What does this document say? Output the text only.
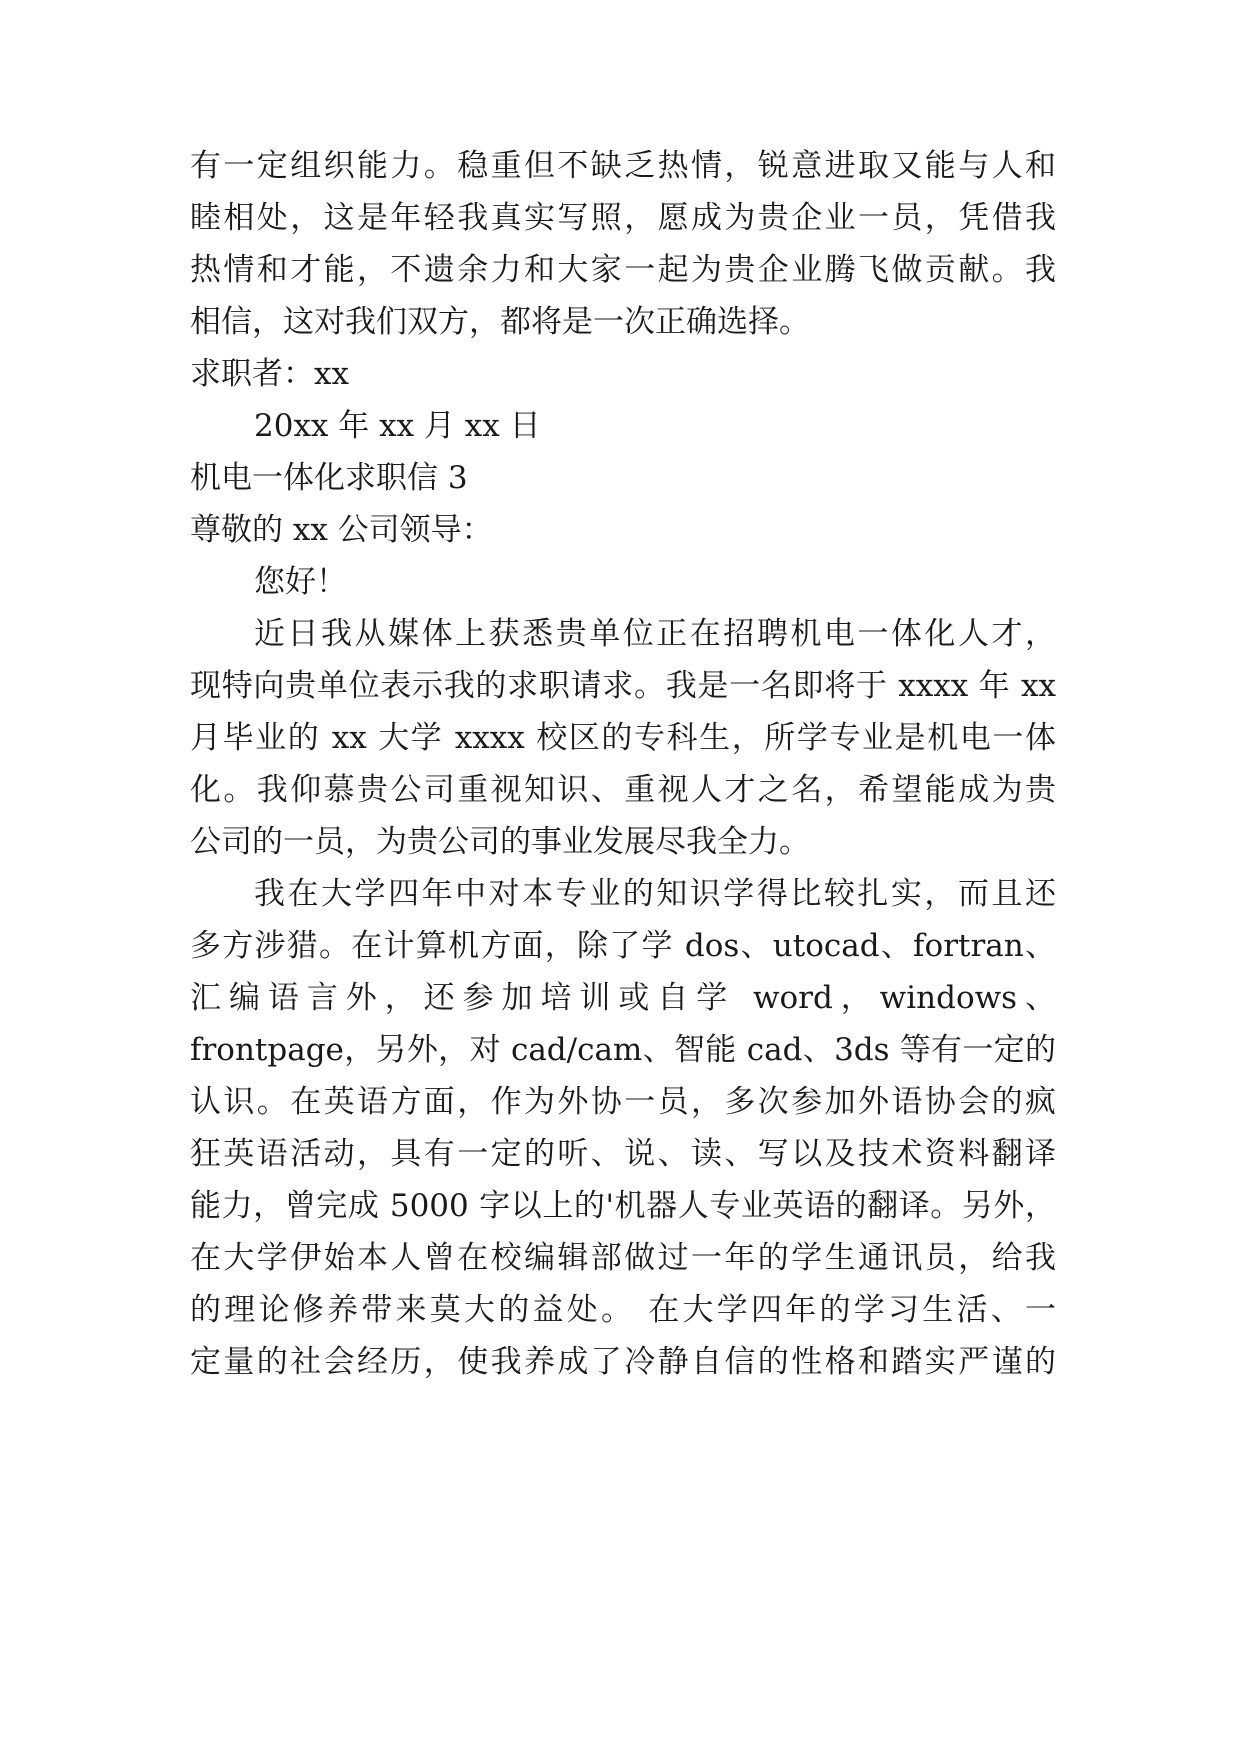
有一定组织能力。稳重但不缺乏热情，锐意进取又能与人和

睦相处，这是年轻我真实写照，愿成为贵企业一员，凭借我

热情和才能，不遗余力和大家一起为贵企业腾飞做贡献。我

相信，这对我们双方，都将是一次正确选择。

求职者：xx

20xx 年 xx 月 xx 日

机电一体化求职信 3

尊敬的 xx 公司领导：

您好！

近日我从媒体上获悉贵单位正在招聘机电一体化人才，

现特向贵单位表示我的求职请求。我是一名即将于 xxxx 年 xx

月毕业的 xx 大学 xxxx 校区的专科生，所学专业是机电一体

化。我仰慕贵公司重视知识、重视人才之名，希望能成为贵

公司的一员，为贵公司的事业发展尽我全力。

我在大学四年中对本专业的知识学得比较扎实，而且还

多方涉猎。在计算机方面，除了学 dos、utocad、fortran、

汇编语言外，还参加培训或自学 word，windows、

frontpage，另外，对 cad/cam、智能 cad、3ds 等有一定的

认识。在英语方面，作为外协一员，多次参加外语协会的疯

狂英语活动，具有一定的听、说、读、写以及技术资料翻译

能力，曾完成 5000 字以上的'机器人专业英语的翻译。另外，

在大学伊始本人曾在校编辑部做过一年的学生通讯员，给我

的理论修养带来莫大的益处。 在大学四年的学习生活、一

定量的社会经历，使我养成了冷静自信的性格和踏实严谨的
